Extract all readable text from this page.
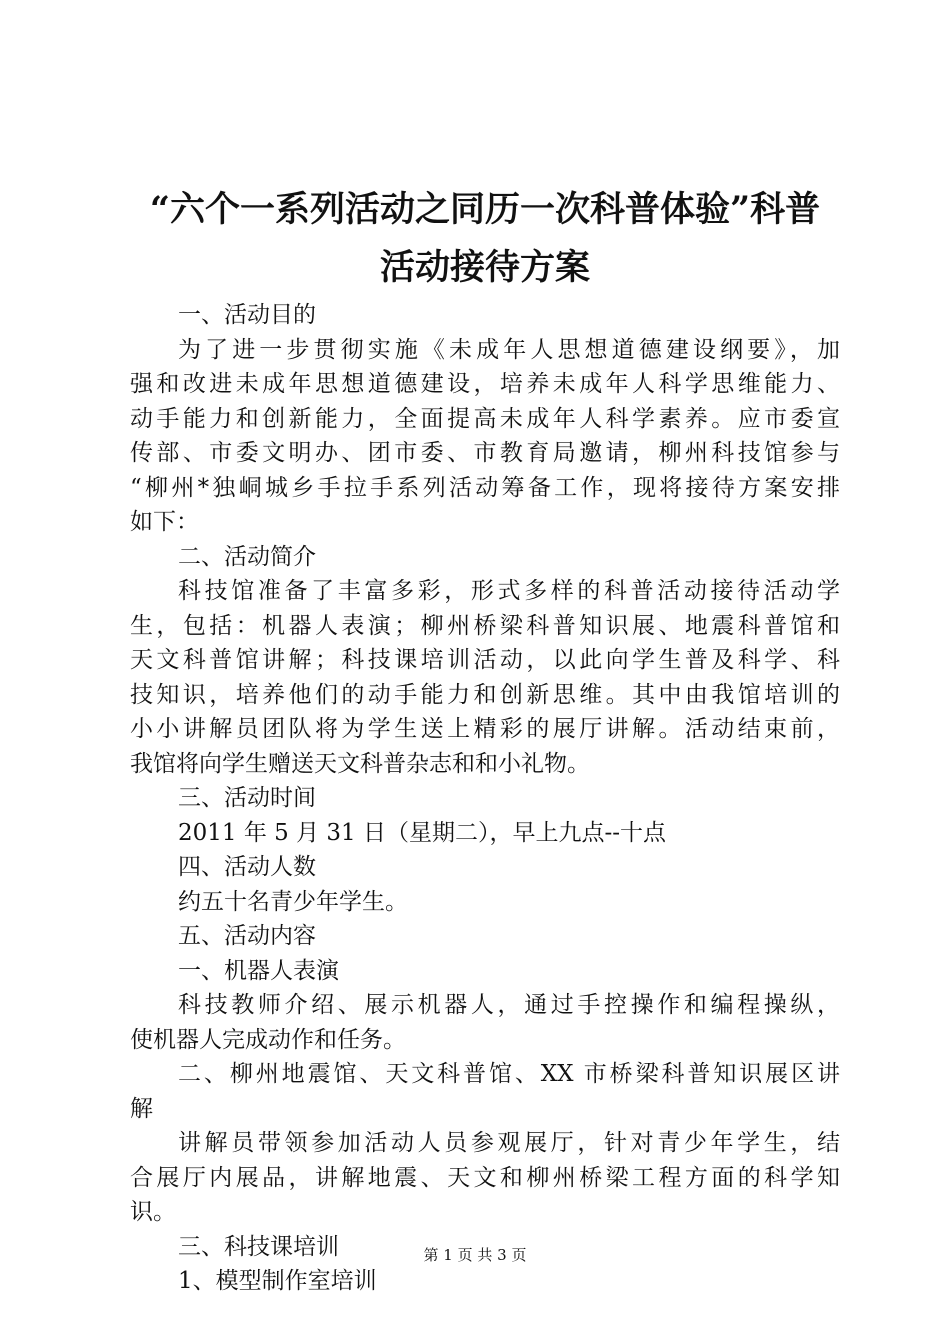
“六个一系列活动之同历一次科普体验”科普
活动接待方案
一、活动目的
为了进一步贯彻实施《未成年人思想道德建设纲要》，加
强和改进未成年思想道德建设，培养未成年人科学思维能力、
动手能力和创新能力，全面提高未成年人科学素养。应市委宣
传部、市委文明办、团市委、市教育局邀请，柳州科技馆参与
“柳州*独峒城乡手拉手系列活动筹备工作，现将接待方案安排
如下：
二、活动简介
科技馆准备了丰富多彩，形式多样的科普活动接待活动学
生，包括：机器人表演；柳州桥梁科普知识展、地震科普馆和
天文科普馆讲解；科技课培训活动，以此向学生普及科学、科
技知识，培养他们的动手能力和创新思维。其中由我馆培训的
小小讲解员团队将为学生送上精彩的展厅讲解。活动结束前，
我馆将向学生赠送天文科普杂志和和小礼物。
三、活动时间
2011 年 5 月 31 日（星期二），早上九点--十点
四、活动人数
约五十名青少年学生。
五、活动内容
一、机器人表演
科技教师介绍、展示机器人，通过手控操作和编程操纵，
使机器人完成动作和任务。
二、柳州地震馆、天文科普馆、XX 市桥梁科普知识展区讲
解
讲解员带领参加活动人员参观展厅，针对青少年学生，结
合展厅内展品，讲解地震、天文和柳州桥梁工程方面的科学知
识。
三、科技课培训
1、模型制作室培训
第 1 页 共 3 页
